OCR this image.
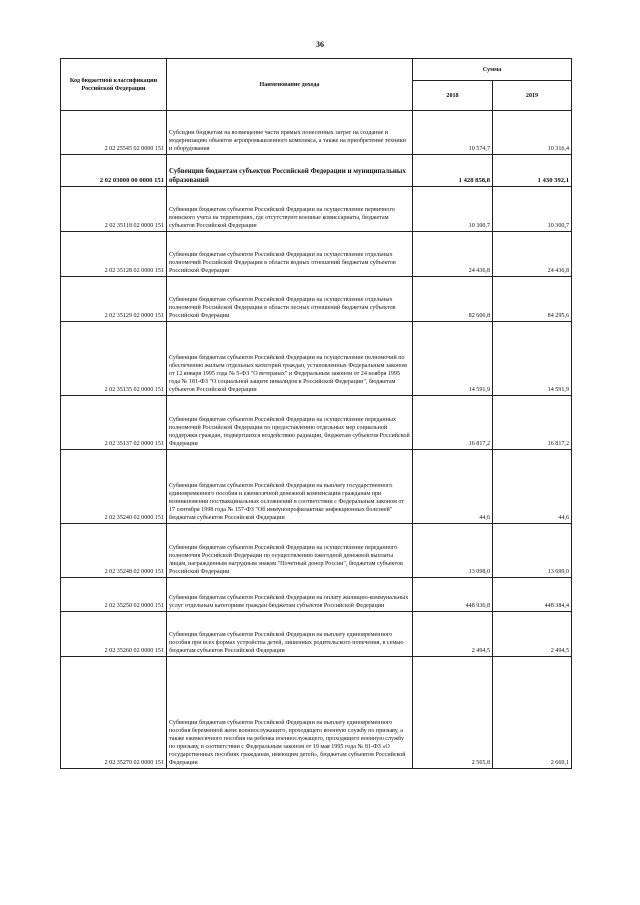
36
Код бюджетной классификации Российской Федерации	Наименование дохода	Сумма	
		2018	2019
2 02 25545 02 0000 151	Субсидии бюджетам на возмещение части прямых понесенных затрат на создание и модернизацию объектов агропромышленного комплекса, а также на приобретение техники и оборудования	10 574,7	10 316,4
2 02 03000 00 0000 151	Субвенции бюджетам субъектов Российской Федерации и муниципальных образований	1 428 858,8	1 430 392,1
2 02 35118 02 0000 151	Субвенции бюджетам субъектов Российской Федерации на осуществление первичного воинского учета на территориях, где отсутствуют военные комиссариаты, бюджетам субъектов Российской Федерации	10 300,7	10 300,7
2 02 35128 02 0000 151	Субвенции бюджетам субъектов Российской Федерации на осуществление отдельных полномочий Российской Федерации в области водных отношений бюджетам субъектов Российской Федерации	24 436,8	24 436,8
2 02 35129 02 0000 151	Субвенции бюджетам субъектов Российской Федерации на осуществление отдельных полномочий Российской Федерации в области лесных отношений бюджетам субъектов Российской Федерации	82 606,8	84 295,6
2 02 35135 02 0000 151	Субвенции бюджетам субъектов Российской Федерации на осуществление полномочий по обеспечению жильем отдельных категорий граждан, установленных Федеральным законом от 12 января 1995 года № 5-ФЗ "О ветеранах" и Федеральным законом от 24 ноября 1995 года № 181-ФЗ "О социальной защите инвалидов в Российской Федерации", бюджетам субъектов Российской Федерации	14 591,9	14 591,9
2 02 35137 02 0000 151	Субвенции бюджетам субъектов Российской Федерации на осуществление переданных полномочий Российской Федерации по предоставлению отдельных мер социальной поддержки граждан, подвергшихся воздействию радиации, бюджетам субъектов Российской Федерации	16 817,2	16 817,2
2 02 35240 02 0000 151	Субвенции бюджетам субъектов Российской Федерации на выплату государственного единовременного пособия и ежемесячной денежной компенсации гражданам при возникновении поствакцинальных осложнений в соответствии с Федеральным законом от 17 сентября 1998 года № 157-ФЗ "Об иммунопрофилактике инфекционных болезней" бюджетам субъектов Российской Федерации	44,6	44,6
2 02 35248 02 0000 151	Субвенции бюджетам субъектов Российской Федерации на осуществление переданного полномочия Российской Федерации по осуществлению ежегодной денежной выплаты лицам, награжденным нагрудным знаком "Почетный донор России", бюджетам субъектов Российской Федерации	13 098,0	13 699,0
2 02 35250 02 0000 151	Субвенции бюджетам субъектов Российской Федерации на оплату жилищно-коммунальных услуг отдельным категориям граждан бюджетам субъектов Российской Федерации	448 936,8	448 384,4
2 02 35260 02 0000 151	Субвенции бюджетам субъектов Российской Федерации на выплату единовременного пособия при всех формах устройства детей, лишенных родительского попечения, в семью бюджетам субъектов Российской Федерации	2 494,5	2 494,5
2 02 35270 02 0000 151	Субвенции бюджетам субъектов Российской Федерации на выплату единовременного пособия беременной жене военнослужащего, проходящего военную службу по призыву, а также ежемесячного пособия на ребенка военнослужащего, проходящего военную службу по призыву, в соответствии с Федеральным законом от 19 мая 1995 года № 81-ФЗ «О государственных пособиях гражданам, имеющим детей», бюджетам субъектов Российской Федерации	2 565,8	2 669,1
